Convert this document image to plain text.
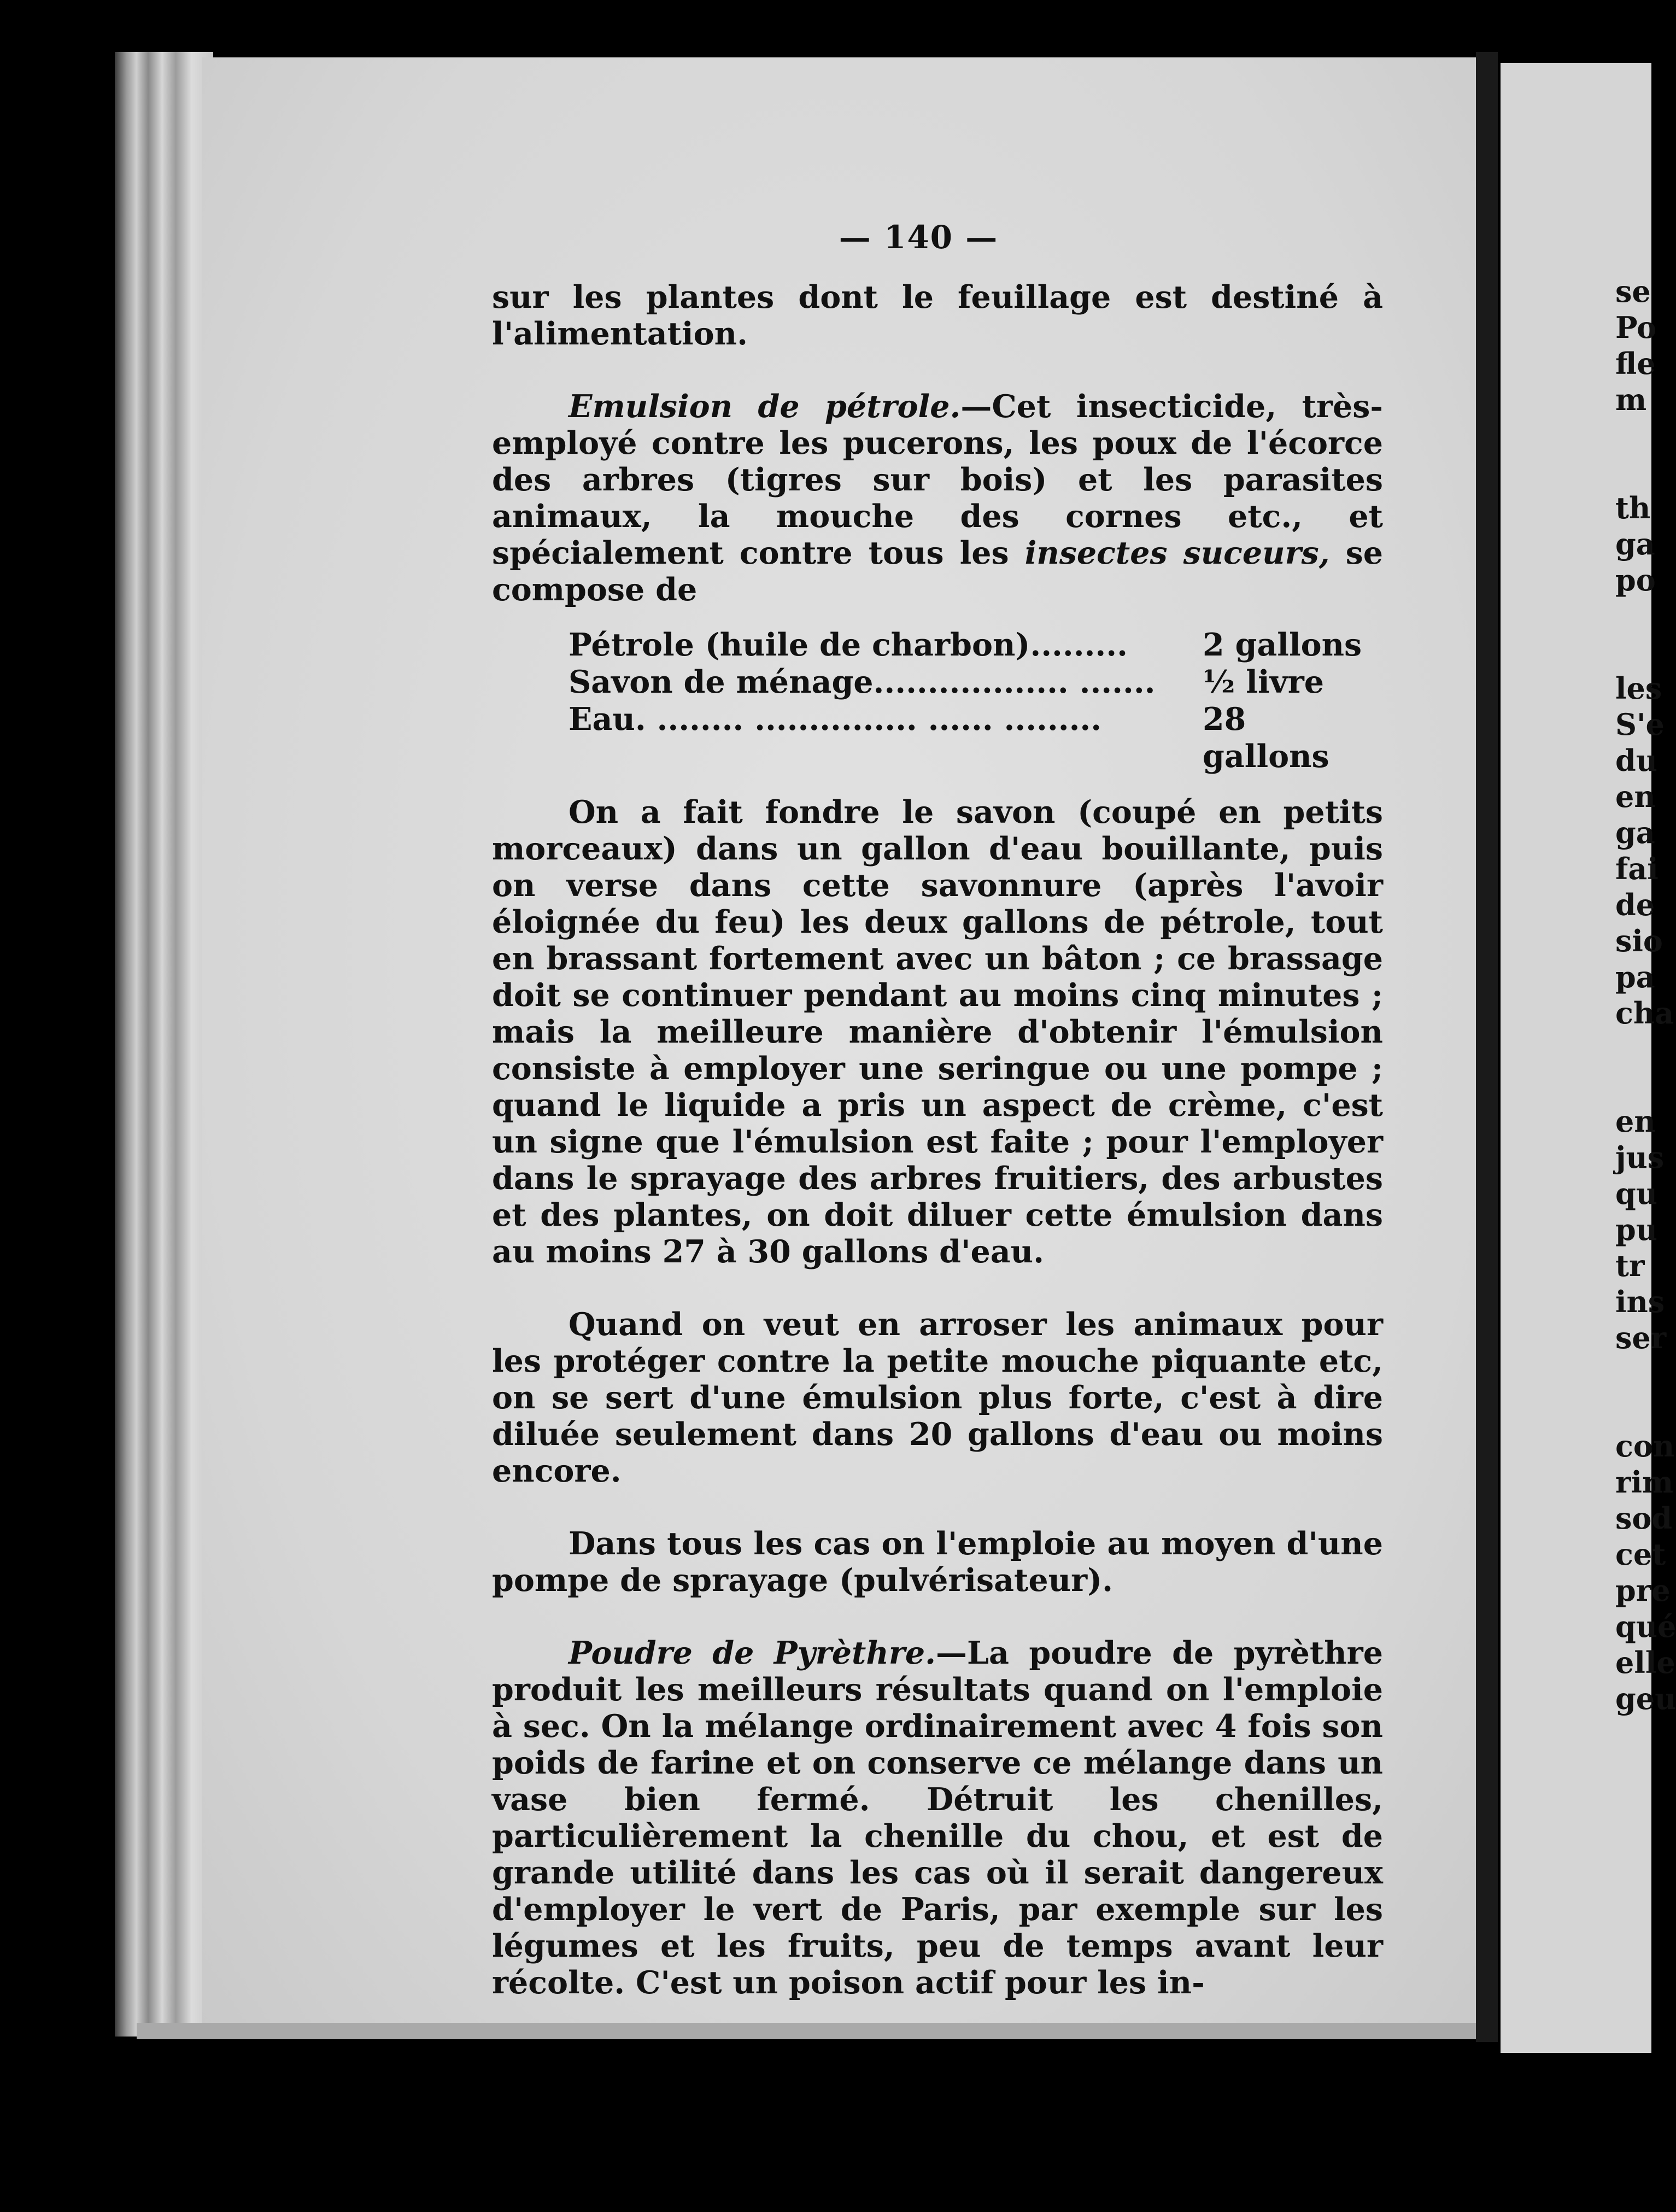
— 140 —

sur les plantes dont le feuillage est destiné à l'alimentation.

Emulsion de pétrole.—Cet insecticide, très-employé contre les pucerons, les poux de l'écorce des arbres (tigres sur bois) et les parasites animaux, la mouche des cornes etc., et spécialement contre tous les insectes suceurs, se compose de

Pétrole (huile de charbon)......... 2 gallons
Savon de ménage.................. ....... ½ livre
Eau. ........ ............... ...... .........	28 gallons

On a fait fondre le savon (coupé en petits morceaux) dans un gallon d'eau bouillante, puis on verse dans cette savonnure (après l'avoir éloignée du feu) les deux gallons de pétrole, tout en brassant fortement avec un bâton ; ce brassage doit se continuer pendant au moins cinq minutes ; mais la meilleure manière d'obtenir l'émulsion consiste à employer une seringue ou une pompe ; quand le liquide a pris un aspect de crème, c'est un signe que l'émulsion est faite ; pour l'employer dans le sprayage des arbres fruitiers, des arbustes et des plantes, on doit diluer cette émulsion dans au moins 27 à 30 gallons d'eau.

Quand on veut en arroser les animaux pour les protéger contre la petite mouche piquante etc, on se sert d'une émulsion plus forte, c'est à dire diluée seulement dans 20 gallons d'eau ou moins encore.

Dans tous les cas on l'emploie au moyen d'une pompe de sprayage (pulvérisateur).

Poudre de Pyrèthre.—La poudre de pyrèthre produit les meilleurs résultats quand on l'emploie à sec. On la mélange ordinairement avec 4 fois son poids de farine et on conserve ce mélange dans un vase bien fermé. Détruit les chenilles, particulièrement la chenille du chou, et est de grande utilité dans les cas où il serait dangereux d'employer le vert de Paris, par exemple sur les légumes et les fruits, peu de temps avant leur récolte. C'est un poison actif pour les in-

se
Po
fle
m
th
ga
po
les
S'e
du
en
ga
fai
de
sio
pa
cha
en
jus
qu
pu
tr
ins
ser
con
rim
sod
cet
pre
qué
elle
geu
